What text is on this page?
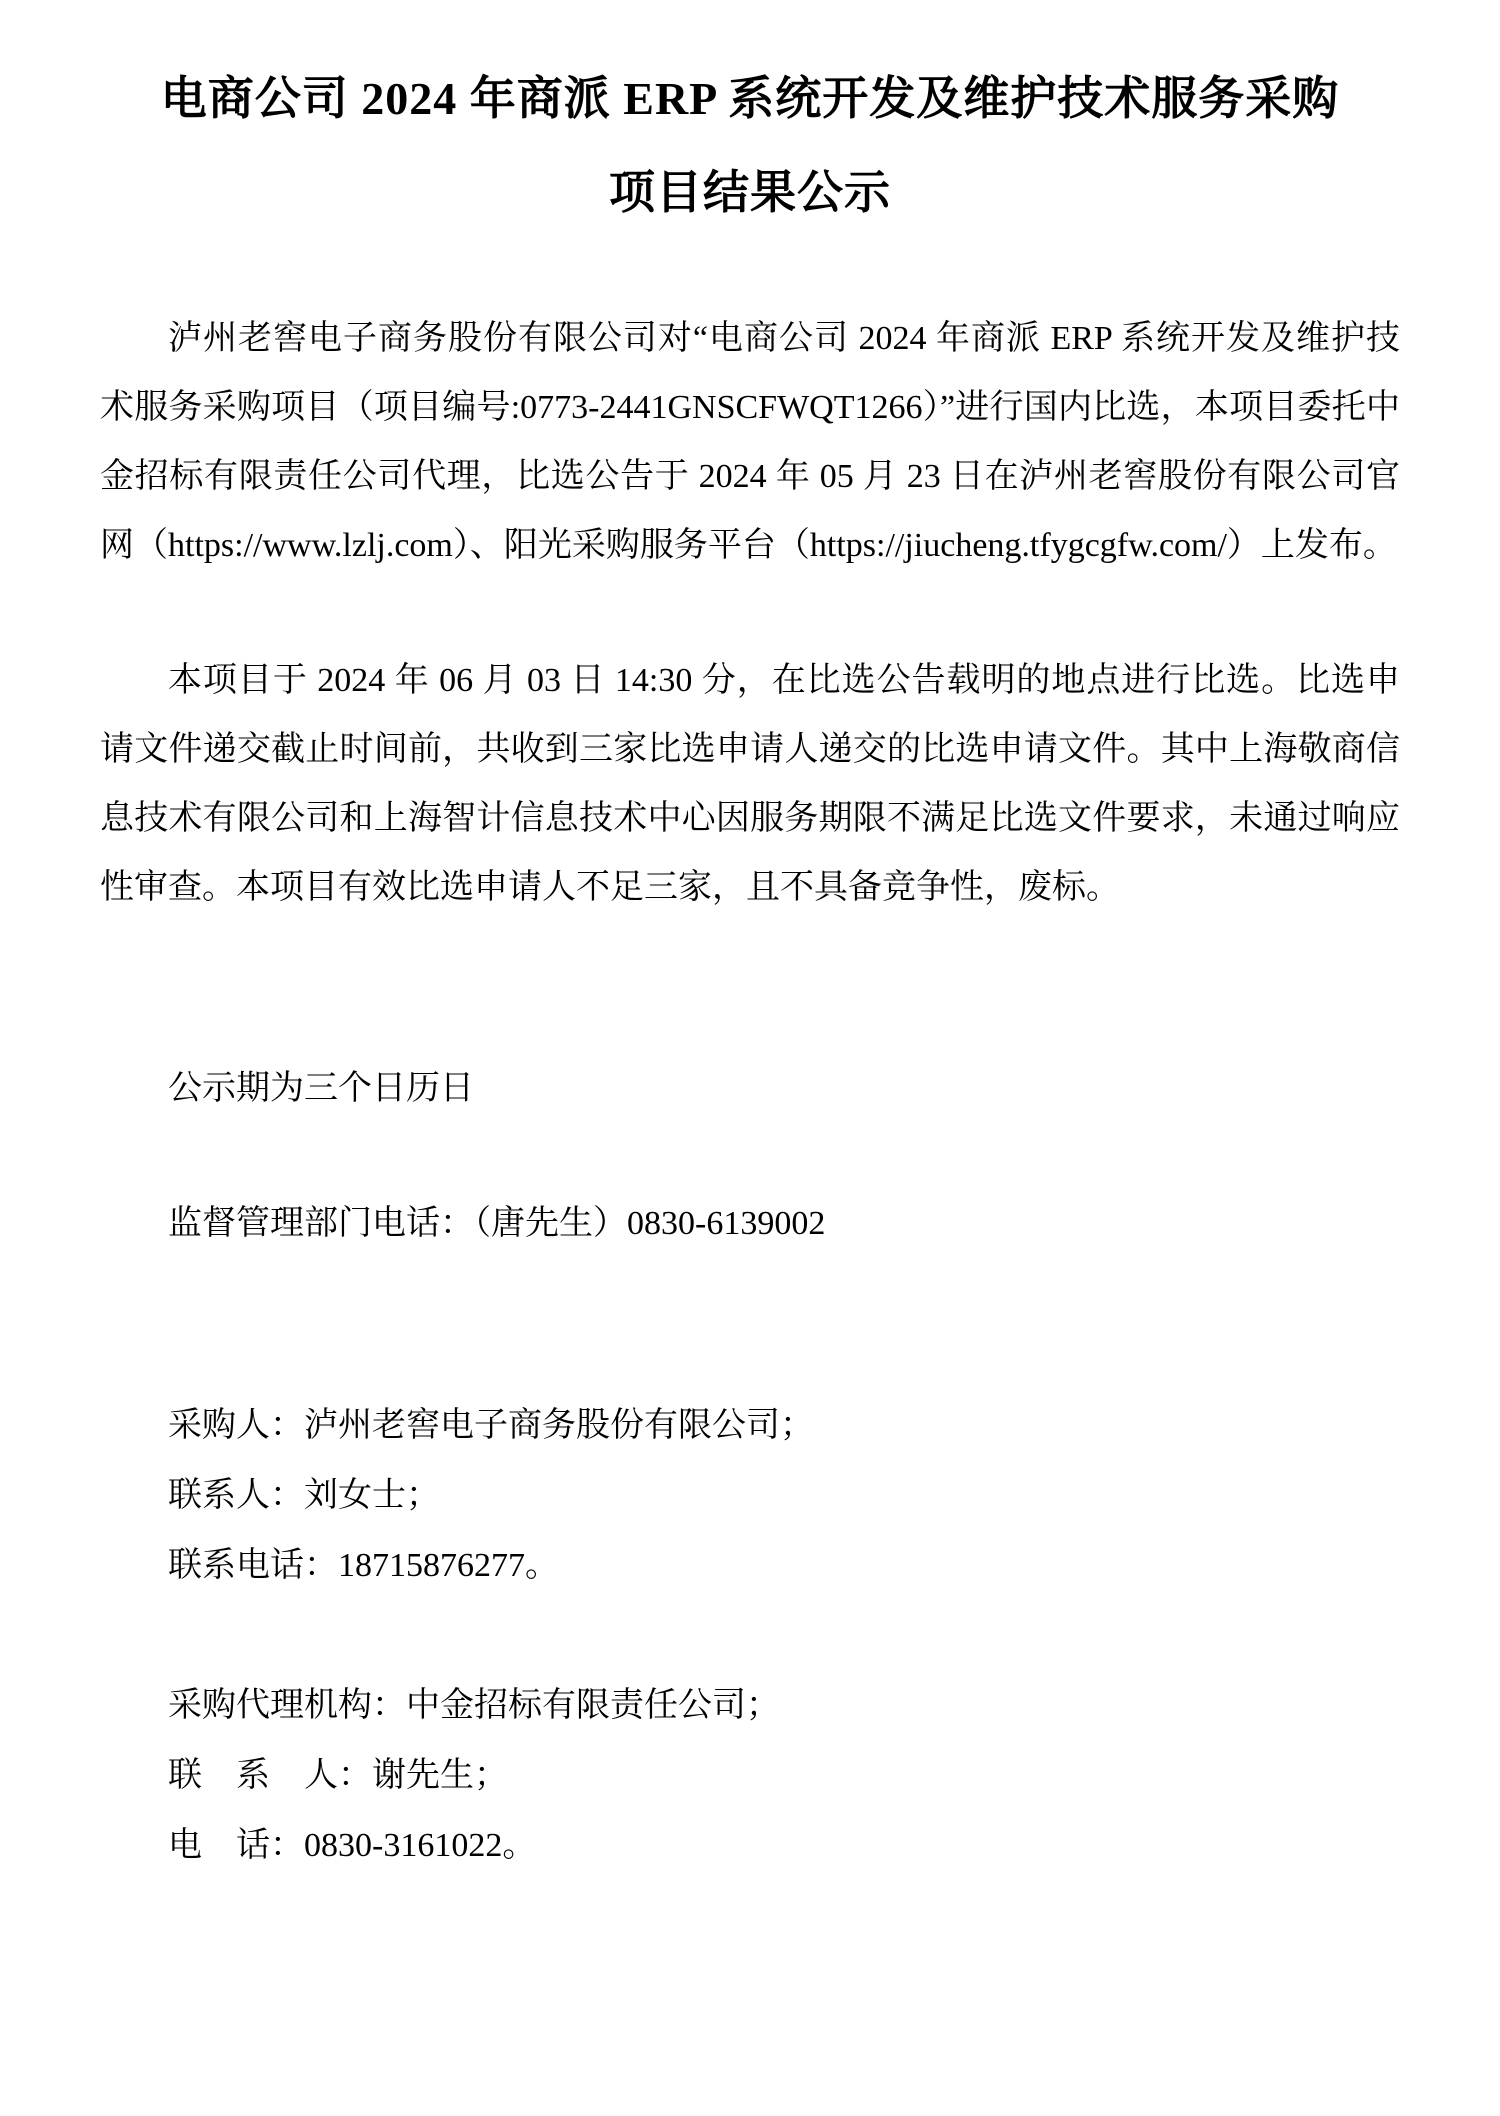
电商公司 2024 年商派 ERP 系统开发及维护技术服务采购
项目结果公示
泸州老窖电子商务股份有限公司对“电商公司 2024 年商派 ERP 系统开发及维护技术服务采购项目（项目编号:0773-2441GNSCFWQT1266）”进行国内比选，本项目委托中金招标有限责任公司代理，比选公告于 2024 年 05 月 23 日在泸州老窖股份有限公司官网（https://www.lzlj.com）、阳光采购服务平台（https://jiucheng.tfygcgfw.com/）上发布。
本项目于 2024 年 06 月 03 日 14:30 分，在比选公告载明的地点进行比选。比选申请文件递交截止时间前，共收到三家比选申请人递交的比选申请文件。其中上海敬商信息技术有限公司和上海智计信息技术中心因服务期限不满足比选文件要求，未通过响应性审查。本项目有效比选申请人不足三家，且不具备竞争性，废标。
公示期为三个日历日
监督管理部门电话：（唐先生）0830-6139002
采购人：泸州老窖电子商务股份有限公司；
联系人：刘女士；
联系电话：18715876277。
采购代理机构：中金招标有限责任公司；
联　系　人：谢先生；
电　话：0830-3161022。
